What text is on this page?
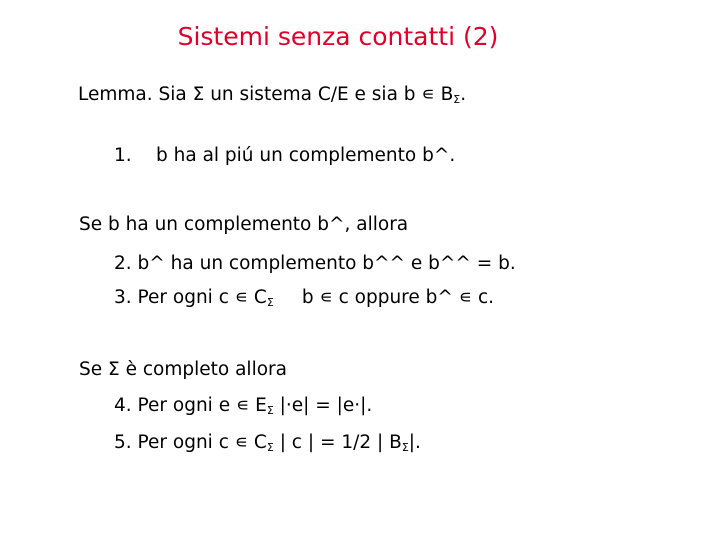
Sistemi senza contatti (2)
Lemma. Sia Σ un sistema C/E e sia b ∊ $B_\Sigma$.
1. b ha al piú un complemento b^.
Se b ha un complemento b^, allora
2. b^ ha un complemento b^^ e b^^ = b.
3. Per ogni c ∊ $C_\Sigma$ b ∊ c oppure b^ ∊ c.
Se Σ è completo allora
4. Per ogni e ∊ $E_\Sigma$ |·e| = |e·|.
5. Per ogni c ∊ $C_\Sigma$ | c | = 1/2 | $B_\Sigma|$.
